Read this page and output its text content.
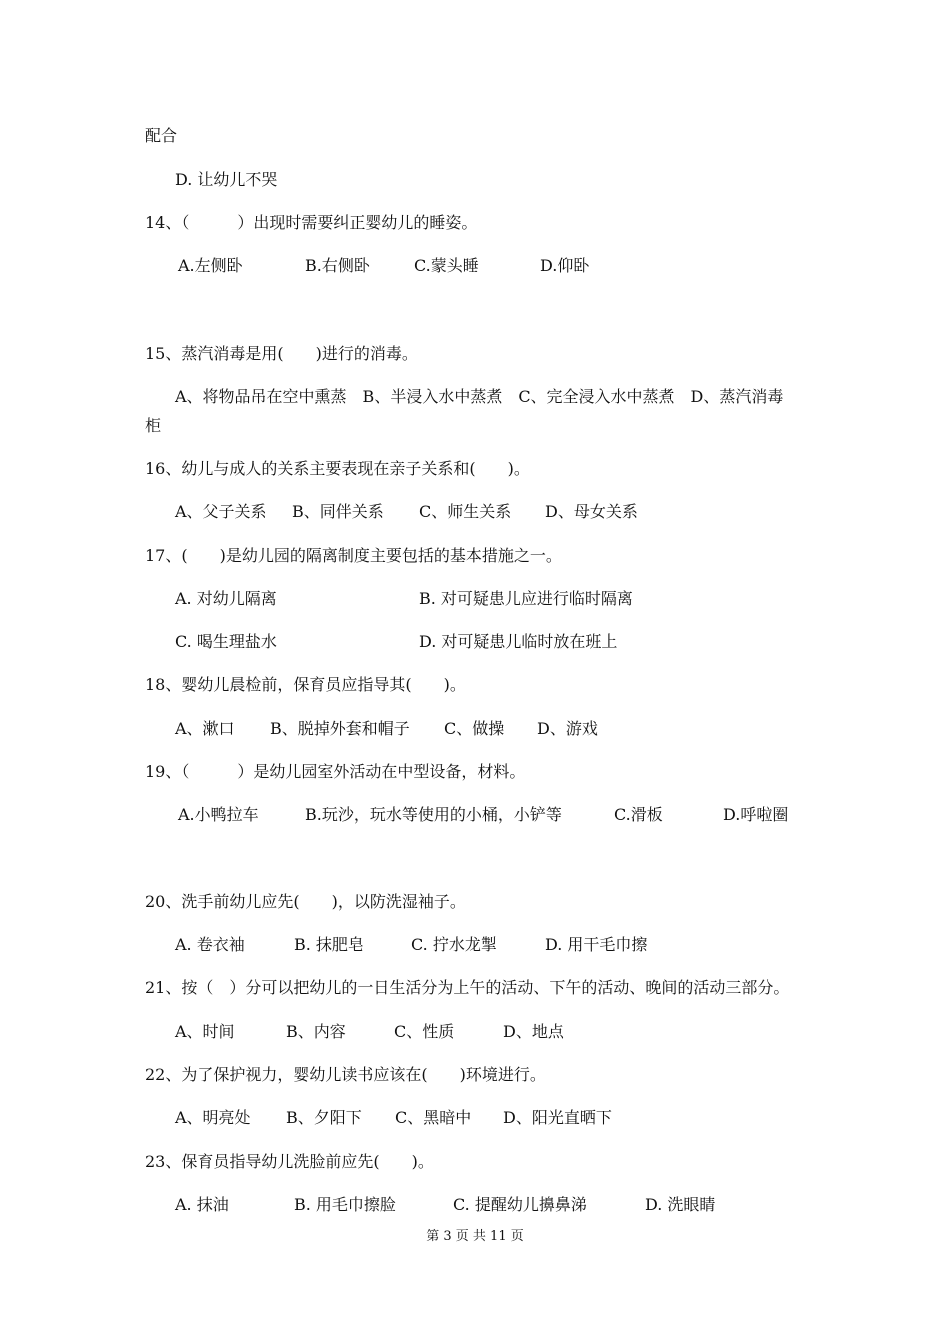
配合
D. 让幼儿不哭
14、（　　　）出现时需要纠正婴幼儿的睡姿。
A.左侧卧	B.右侧卧	C.蒙头睡	D.仰卧
15、蒸汽消毒是用(　　)进行的消毒。
A、将物品吊在空中熏蒸　B、半浸入水中蒸煮　C、完全浸入水中蒸煮　D、蒸汽消毒
柜
16、幼儿与成人的关系主要表现在亲子关系和(　　)。
A、父子关系 B、同伴关系 C、师生关系 D、母女关系
17、(　　)是幼儿园的隔离制度主要包括的基本措施之一。
A. 对幼儿隔离	B. 对可疑患儿应进行临时隔离
C. 喝生理盐水	D. 对可疑患儿临时放在班上
18、婴幼儿晨检前，保育员应指导其(　　)。
A、漱口 B、脱掉外套和帽子 C、做操 D、游戏
19、（　　　）是幼儿园室外活动在中型设备，材料。
A.小鸭拉车	B.玩沙，玩水等使用的小桶，小铲等	C.滑板	D.呼啦圈
20、洗手前幼儿应先(　　)，以防洗湿袖子。
A. 卷衣袖	B. 抹肥皂	C. 拧水龙掣	D. 用干毛巾擦
21、按（　）分可以把幼儿的一日生活分为上午的活动、下午的活动、晚间的活动三部分。
A、时间	B、内容	C、性质	D、地点
22、为了保护视力，婴幼儿读书应该在(　　)环境进行。
A、明亮处 B、夕阳下 C、黑暗中 D、阳光直晒下
23、保育员指导幼儿洗脸前应先(　　)。
A. 抹油	B. 用毛巾擦脸	C. 提醒幼儿擤鼻涕	D. 洗眼睛
第 3 页 共 11 页
